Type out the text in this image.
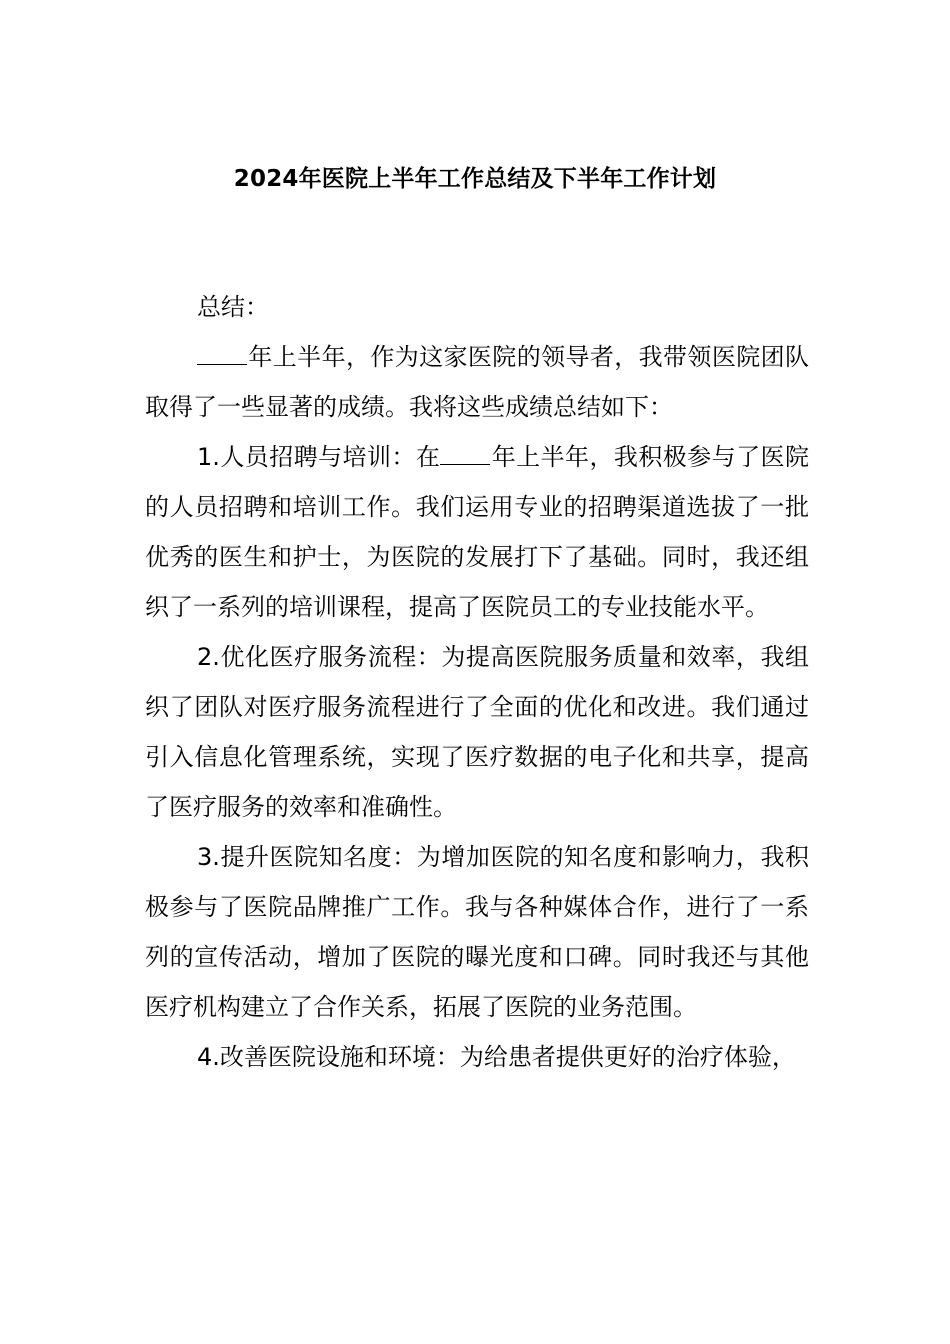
2024年医院上半年工作总结及下半年工作计划

总结：

年上半年，作为这家医院的领导者，我带领医院团队取得了一些显著的成绩。我将这些成绩总结如下：

1.人员招聘与培训：在 年上半年，我积极参与了医院的人员招聘和培训工作。我们运用专业的招聘渠道选拔了一批优秀的医生和护士，为医院的发展打下了基础。同时，我还组织了一系列的培训课程，提高了医院员工的专业技能水平。

2.优化医疗服务流程：为提高医院服务质量和效率，我组织了团队对医疗服务流程进行了全面的优化和改进。我们通过引入信息化管理系统，实现了医疗数据的电子化和共享，提高了医疗服务的效率和准确性。

3.提升医院知名度：为增加医院的知名度和影响力，我积极参与了医院品牌推广工作。我与各种媒体合作，进行了一系列的宣传活动，增加了医院的曝光度和口碑。同时我还与其他医疗机构建立了合作关系，拓展了医院的业务范围。

4.改善医院设施和环境：为给患者提供更好的治疗体验，
